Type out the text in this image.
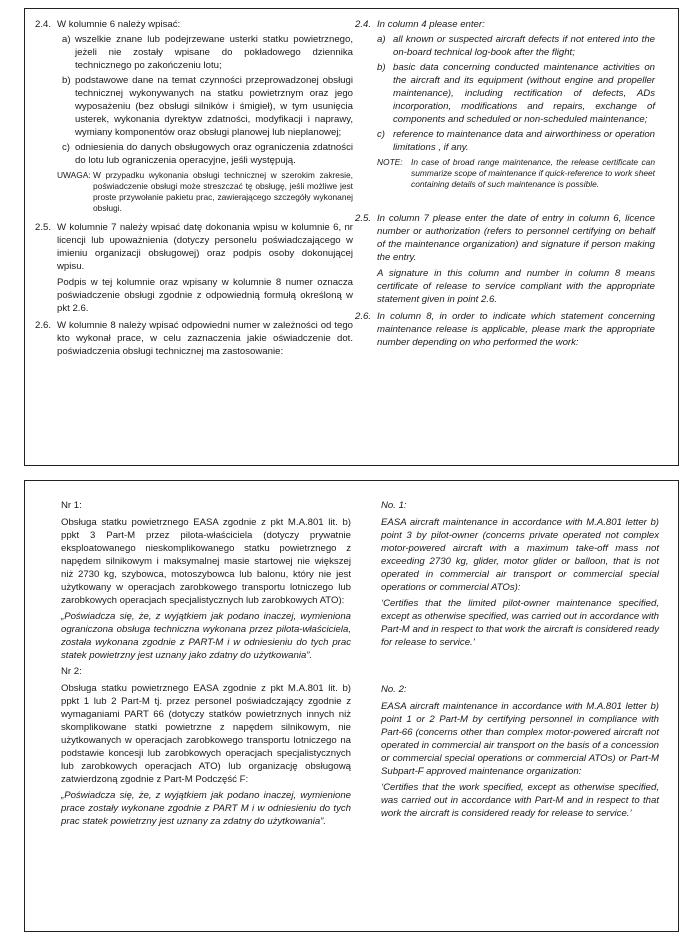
2.4. W kolumnie 6 należy wpisać:
a) wszelkie znane lub podejrzewane usterki statku powietrznego, jeżeli nie zostały wpisane do pokładowego dziennika technicznego po zakończeniu lotu;
b) podstawowe dane na temat czynności przeprowadzonej obsługi technicznej wykonywanych na statku powietrznym oraz jego wyposażeniu (bez obsługi silników i śmigieł), w tym usunięcia usterek, wykonania dyrektyw zdatności, modyfikacji i naprawy, wymiany komponentów oraz obsługi planowej lub nieplanowej;
c) odniesienia do danych obsługowych oraz ograniczenia zdatności do lotu lub ograniczenia operacyjne, jeśli występują.
UWAGA: W przypadku wykonania obsługi technicznej w szerokim zakresie, poświadczenie obsługi może streszczać tę obsługę, jeśli możliwe jest proste przywołanie pakietu prac, zawierającego szczegóły wykonanej obsługi.
2.5. W kolumnie 7 należy wpisać datę dokonania wpisu w kolumnie 6, nr licencji lub upoważnienia (dotyczy personelu poświadczającego w imieniu organizacji obsługowej) oraz podpis osoby dokonującej wpisu.
Podpis w tej kolumnie oraz wpisany w kolumnie 8 numer oznacza poświadczenie obsługi zgodnie z odpowiednią formułą określoną w pkt 2.6.
2.6. W kolumnie 8 należy wpisać odpowiedni numer w zależności od tego kto wykonał prace, w celu zaznaczenia jakie oświadczenie dot. poświadczenia obsługi technicznej ma zastosowanie:
2.4. In column 4 please enter:
a) all known or suspected aircraft defects if not entered into the on-board technical log-book after the flight;
b) basic data concerning conducted maintenance activities on the aircraft and its equipment (without engine and propeller maintenance), including rectification of defects, ADs incorporation, modifications and repairs, exchange of components and scheduled or non-scheduled maintenance;
c) reference to maintenance data and airworthiness or operation limitations , if any.
NOTE: In case of broad range maintenance, the release certificate can summarize scope of maintenance if quick-reference to work sheet containing details of such maintenance is possible.
2.5. In column 7 please enter the date of entry in column 6, licence number or authorization (refers to personnel certifying on behalf of the maintenance organization) and signature if person making the entry.
A signature in this column and number in column 8 means certificate of release to service compliant with the appropriate statement given in point 2.6.
2.6. In column 8, in order to indicate which statement concerning maintenance release is applicable, please mark the appropriate number depending on who performed the work:
Nr 1:
Obsługa statku powietrznego EASA zgodnie z pkt M.A.801 lit. b) ppkt 3 Part-M przez pilota-właściciela (dotyczy prywatnie eksploatowanego nieskomplikowanego statku powietrznego z napędem silnikowym i maksymalnej masie startowej nie większej niż 2730 kg, szybowca, motoszybowca lub balonu, który nie jest użytkowany w operacjach zarobkowego transportu lotniczego lub zarobkowych operacjach specjalistycznych lub zarobkowych ATO):
„Poświadcza się, że, z wyjątkiem jak podano inaczej, wymieniona ograniczona obsługa techniczna wykonana przez pilota-właściciela, została wykonana zgodnie z PART-M i w odniesieniu do tych prac statek powietrzny jest uznany jako zdatny do użytkowania”.
Nr 2:
Obsługa statku powietrznego EASA zgodnie z pkt M.A.801 lit. b) ppkt 1 lub 2 Part-M tj. przez personel poświadczający zgodnie z wymaganiami PART 66 (dotyczy statków powietrznych innych niż skomplikowane statki powietrzne z napędem silnikowym, nie użytkowanych w operacjach zarobkowego transportu lotniczego na podstawie koncesji lub zarobkowych operacjach specjalistycznych lub zarobkowych operacjach ATO) lub organizację obsługową zatwierdzoną zgodnie z Part-M Podczęść F:
„Poświadcza się, że, z wyjątkiem jak podano inaczej, wymienione prace zostały wykonane zgodnie z PART M i w odniesieniu do tych prac statek powietrzny jest uznany za zdatny do użytkowania”.
No. 1:
EASA aircraft maintenance in accordance with M.A.801 letter b) point 3 by pilot-owner (concerns private operated not complex motor-powered aircraft with a maximum take-off mass not exceeding 2730 kg, glider, motor glider or balloon, that is not operated in commercial air transport or commercial special operations or commercial ATOs):
‘Certifies that the limited pilot-owner maintenance specified, except as otherwise specified, was carried out in accordance with Part-M and in respect to that work the aircraft is considered ready for release to service.’
No. 2:
EASA aircraft maintenance in accordance with M.A.801 letter b) point 1 or 2 Part-M by certifying personnel in compliance with Part-66 (concerns other than complex motor-powered aircraft not operated in commercial air transport on the basis of a concession or commercial special operations or commercial ATOs) or Part-M Subpart-F approved maintenance organization:
‘Certifies that the work specified, except as otherwise specified, was carried out in accordance with Part-M and in respect to that work the aircraft is considered ready for release to service.’
